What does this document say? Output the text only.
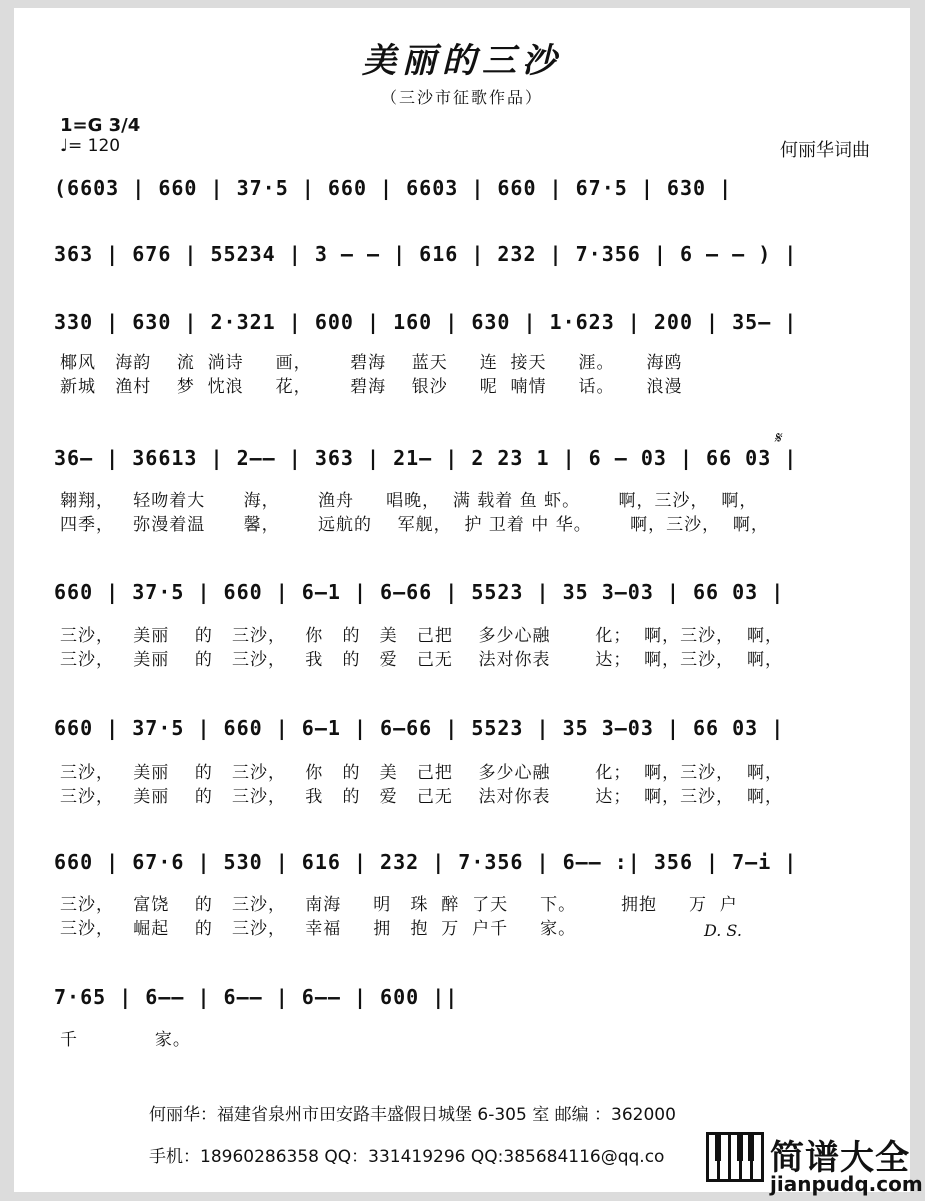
美丽的三沙
（三沙市征歌作品）
1=G 3/4
♩= 120	何丽华词曲
(6603 | 660 | 37·5 | 660 | 6603 | 660 | 67·5 | 630 |
363 | 676 | 55234 | 3 — — | 616 | 232 | 7·356 | 6 — — ) |
330 | 630 | 2·321 | 600 | 160 | 630 | 1·623 | 200 | 35— |
椰风   海韵    流  淌诗     画，      碧海    蓝天     连  接天     涯。     海鸥
新城   渔村    梦  忱浪     花，      碧海    银沙     呢  喃情     话。     浪漫
𝄋
36— | 36613 | 2—— | 363 | 21— | 2 23 1 | 6 — 03 | 66 03 |
翱翔，   轻吻着大      海，      渔舟     唱晚，  满 载着 鱼 虾。      啊，三沙，  啊，
四季，   弥漫着温      馨，      远航的    军舰，  护 卫着 中 华。      啊，三沙，  啊，
660 | 37·5 | 660 | 6—1 | 6—66 | 5523 | 35 3—03 | 66 03 |
三沙，   美丽    的   三沙，   你   的   美   己把    多少心融       化；  啊，三沙，  啊，
三沙，   美丽    的   三沙，   我   的   爱   己无    法对你表       达；  啊，三沙，  啊，
660 | 37·5 | 660 | 6—1 | 6—66 | 5523 | 35 3—03 | 66 03 |
三沙，   美丽    的   三沙，   你   的   美   己把    多少心融       化；  啊，三沙，  啊，
三沙，   美丽    的   三沙，   我   的   爱   己无    法对你表       达；  啊，三沙，  啊，
660 | 67·6 | 530 | 616 | 232 | 7·356 | 6—— :| 356 | 7—i |
三沙，   富饶    的   三沙，   南海     明   珠  醉  了天     下。       拥抱     万  户
三沙，   崛起    的   三沙，   幸福     拥   抱  万  户千     家。	D. S.
7·65 | 6—— | 6—— | 6—— | 600 ||
千            家。
何丽华：福建省泉州市田安路丰盛假日城堡 6-305 室 邮编 ：362000
手机：18960286358 QQ：331419296 QQ:385684116@qq.co	简谱大全
jianpudq.com
